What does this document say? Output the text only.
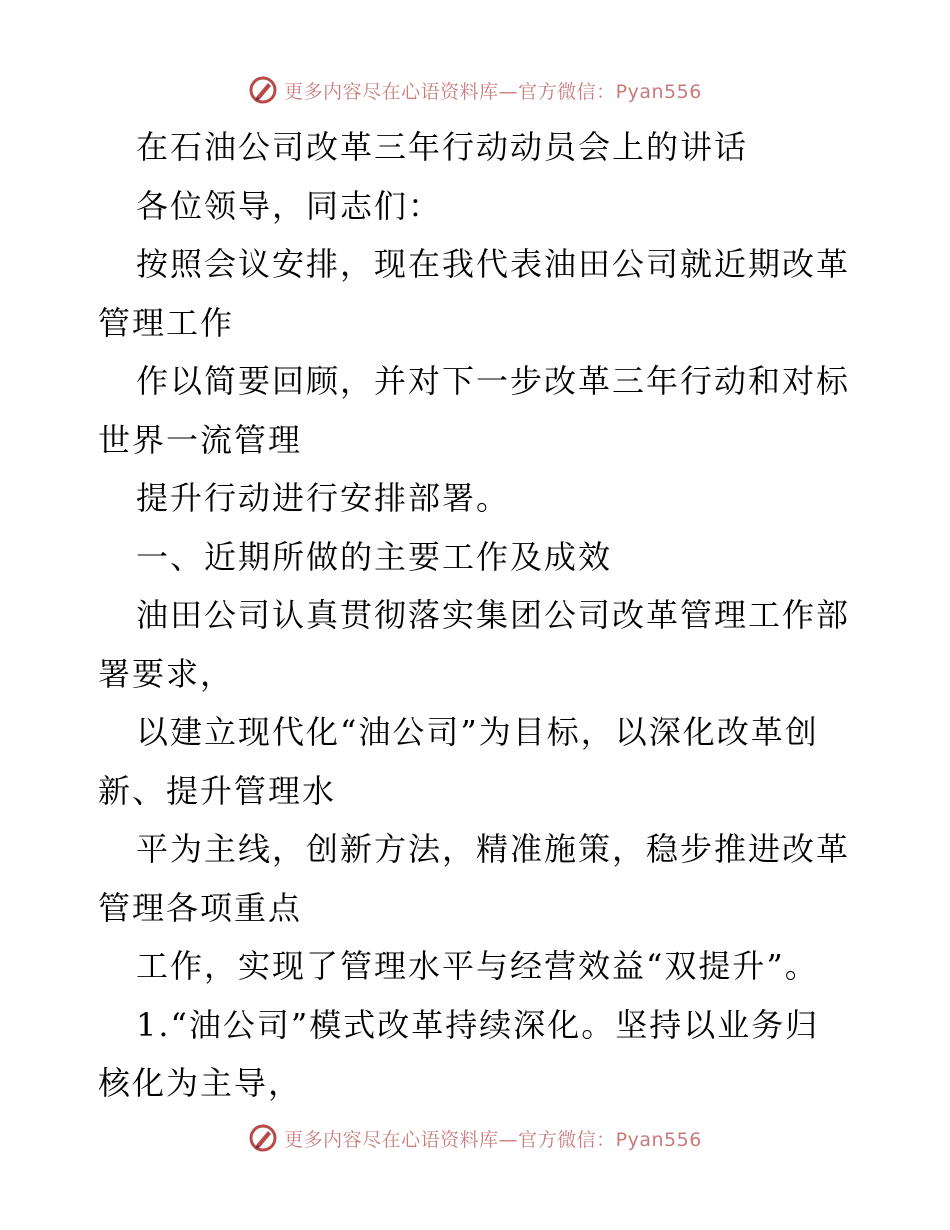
更多内容尽在心语资料库—官方微信：Pyan556
在石油公司改革三年行动动员会上的讲话
各位领导，同志们：
按照会议安排，现在我代表油田公司就近期改革
管理工作
作以简要回顾，并对下一步改革三年行动和对标
世界一流管理
提升行动进行安排部署。
一、近期所做的主要工作及成效
油田公司认真贯彻落实集团公司改革管理工作部
署要求，
以建立现代化“油公司”为目标，以深化改革创
新、提升管理水
平为主线，创新方法，精准施策，稳步推进改革
管理各项重点
工作，实现了管理水平与经营效益“双提升”。
1.“油公司”模式改革持续深化。坚持以业务归
核化为主导，
更多内容尽在心语资料库—官方微信：Pyan556
